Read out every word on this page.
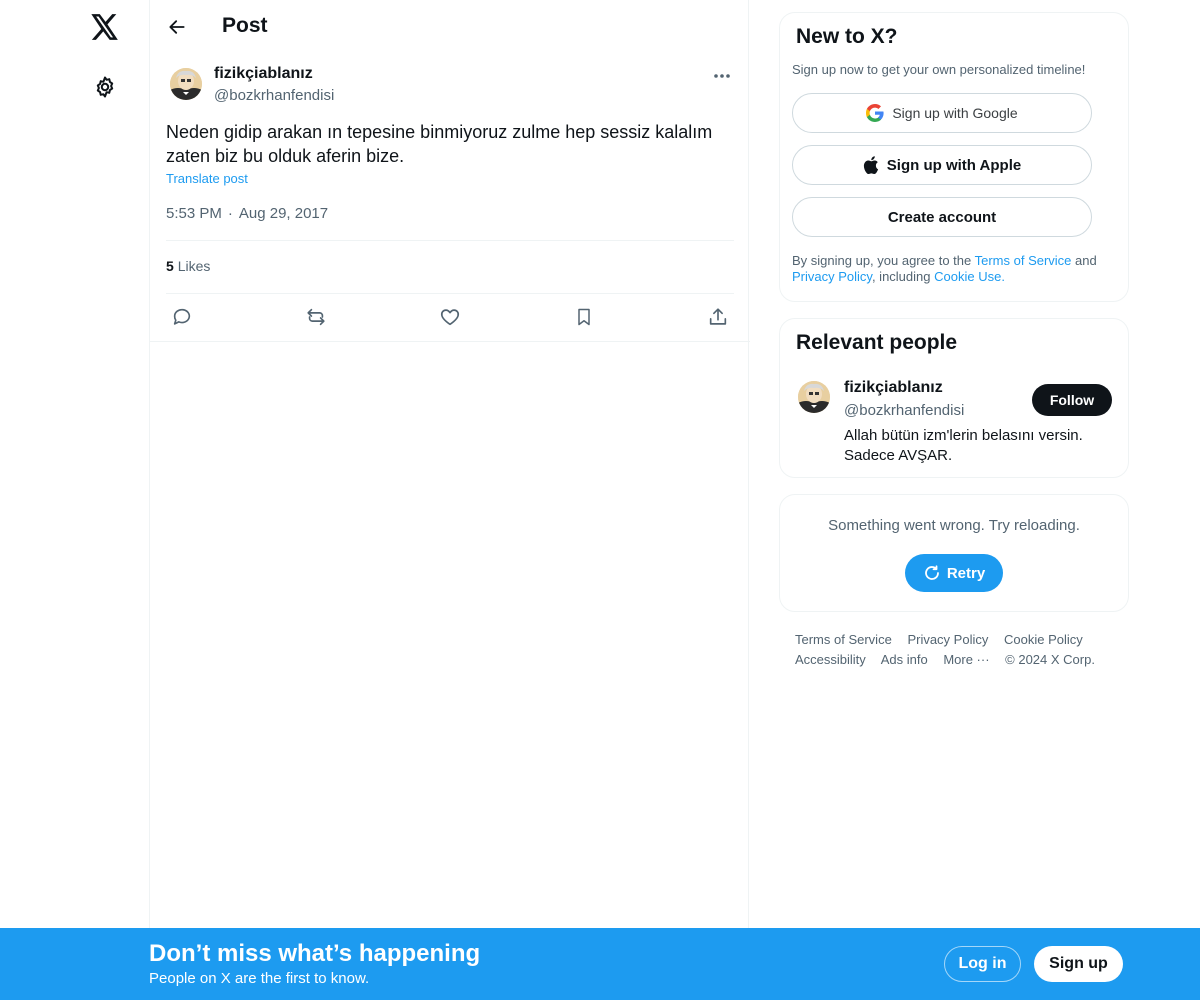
Post
fizikçiablanız
@bozkrhanfendisi
Neden gidip arakan ın tepesine binmiyoruz zulme hep sessiz kalalım zaten biz bu olduk aferin bize.
Translate post
5:53 PM · Aug 29, 2017
5 Likes
New to X?
Sign up now to get your own personalized timeline!
Sign up with Google
Sign up with Apple
Create account
By signing up, you agree to the Terms of Service and Privacy Policy, including Cookie Use.
Relevant people
fizikçiablanız
@bozkrhanfendisi
Follow
Allah bütün izm'lerin belasını versin. Sadece AVŞAR.
Something went wrong. Try reloading.
Retry
Terms of Service Privacy Policy Cookie Policy
Accessibility Ads info More ··· © 2024 X Corp.
Don’t miss what’s happening
People on X are the first to know.
Log in	Sign up
